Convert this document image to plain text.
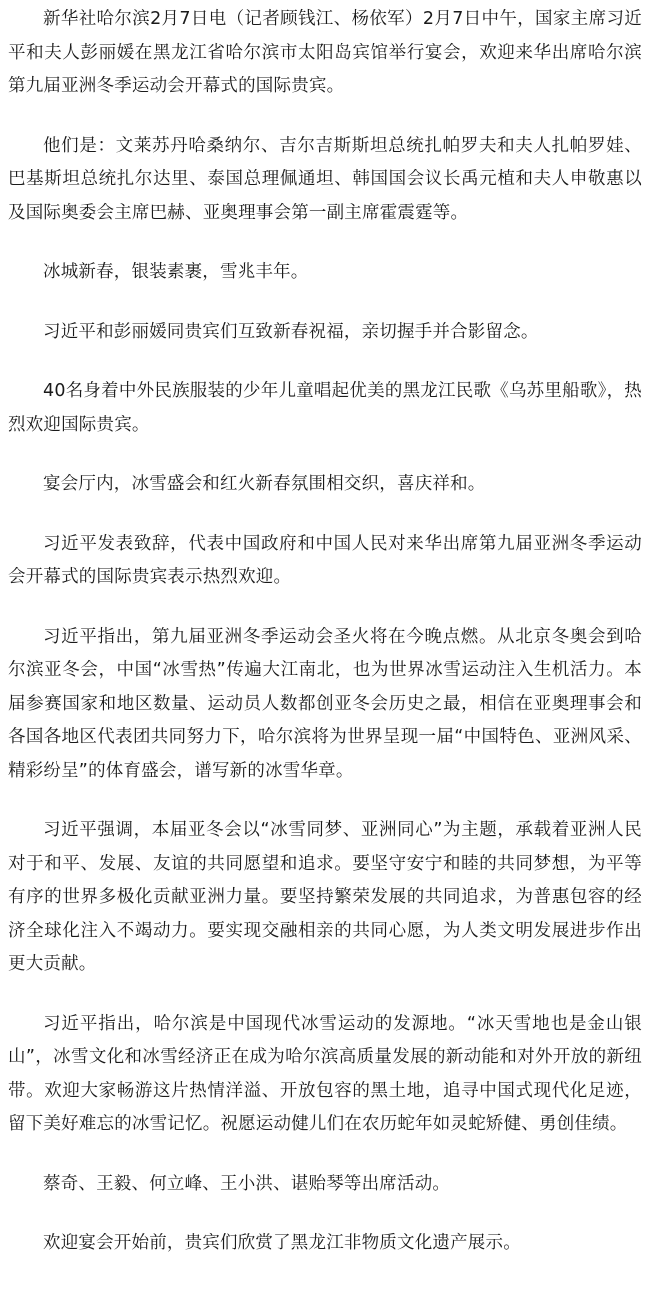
新华社哈尔滨2月7日电（记者顾钱江、杨依军）2月7日中午，国家主席习近平和夫人彭丽媛在黑龙江省哈尔滨市太阳岛宾馆举行宴会，欢迎来华出席哈尔滨第九届亚洲冬季运动会开幕式的国际贵宾。

他们是：文莱苏丹哈桑纳尔、吉尔吉斯斯坦总统扎帕罗夫和夫人扎帕罗娃、巴基斯坦总统扎尔达里、泰国总理佩通坦、韩国国会议长禹元植和夫人申敬惠以及国际奥委会主席巴赫、亚奥理事会第一副主席霍震霆等。

冰城新春，银装素裹，雪兆丰年。

习近平和彭丽媛同贵宾们互致新春祝福，亲切握手并合影留念。

40名身着中外民族服装的少年儿童唱起优美的黑龙江民歌《乌苏里船歌》，热烈欢迎国际贵宾。

宴会厅内，冰雪盛会和红火新春氛围相交织，喜庆祥和。

习近平发表致辞，代表中国政府和中国人民对来华出席第九届亚洲冬季运动会开幕式的国际贵宾表示热烈欢迎。

习近平指出，第九届亚洲冬季运动会圣火将在今晚点燃。从北京冬奥会到哈尔滨亚冬会，中国“冰雪热”传遍大江南北，也为世界冰雪运动注入生机活力。本届参赛国家和地区数量、运动员人数都创亚冬会历史之最，相信在亚奥理事会和各国各地区代表团共同努力下，哈尔滨将为世界呈现一届“中国特色、亚洲风采、精彩纷呈”的体育盛会，谱写新的冰雪华章。

习近平强调，本届亚冬会以“冰雪同梦、亚洲同心”为主题，承载着亚洲人民对于和平、发展、友谊的共同愿望和追求。要坚守安宁和睦的共同梦想，为平等有序的世界多极化贡献亚洲力量。要坚持繁荣发展的共同追求，为普惠包容的经济全球化注入不竭动力。要实现交融相亲的共同心愿，为人类文明发展进步作出更大贡献。

习近平指出，哈尔滨是中国现代冰雪运动的发源地。“冰天雪地也是金山银山”，冰雪文化和冰雪经济正在成为哈尔滨高质量发展的新动能和对外开放的新纽带。欢迎大家畅游这片热情洋溢、开放包容的黑土地，追寻中国式现代化足迹，留下美好难忘的冰雪记忆。祝愿运动健儿们在农历蛇年如灵蛇矫健、勇创佳绩。

蔡奇、王毅、何立峰、王小洪、谌贻琴等出席活动。

欢迎宴会开始前，贵宾们欣赏了黑龙江非物质文化遗产展示。
